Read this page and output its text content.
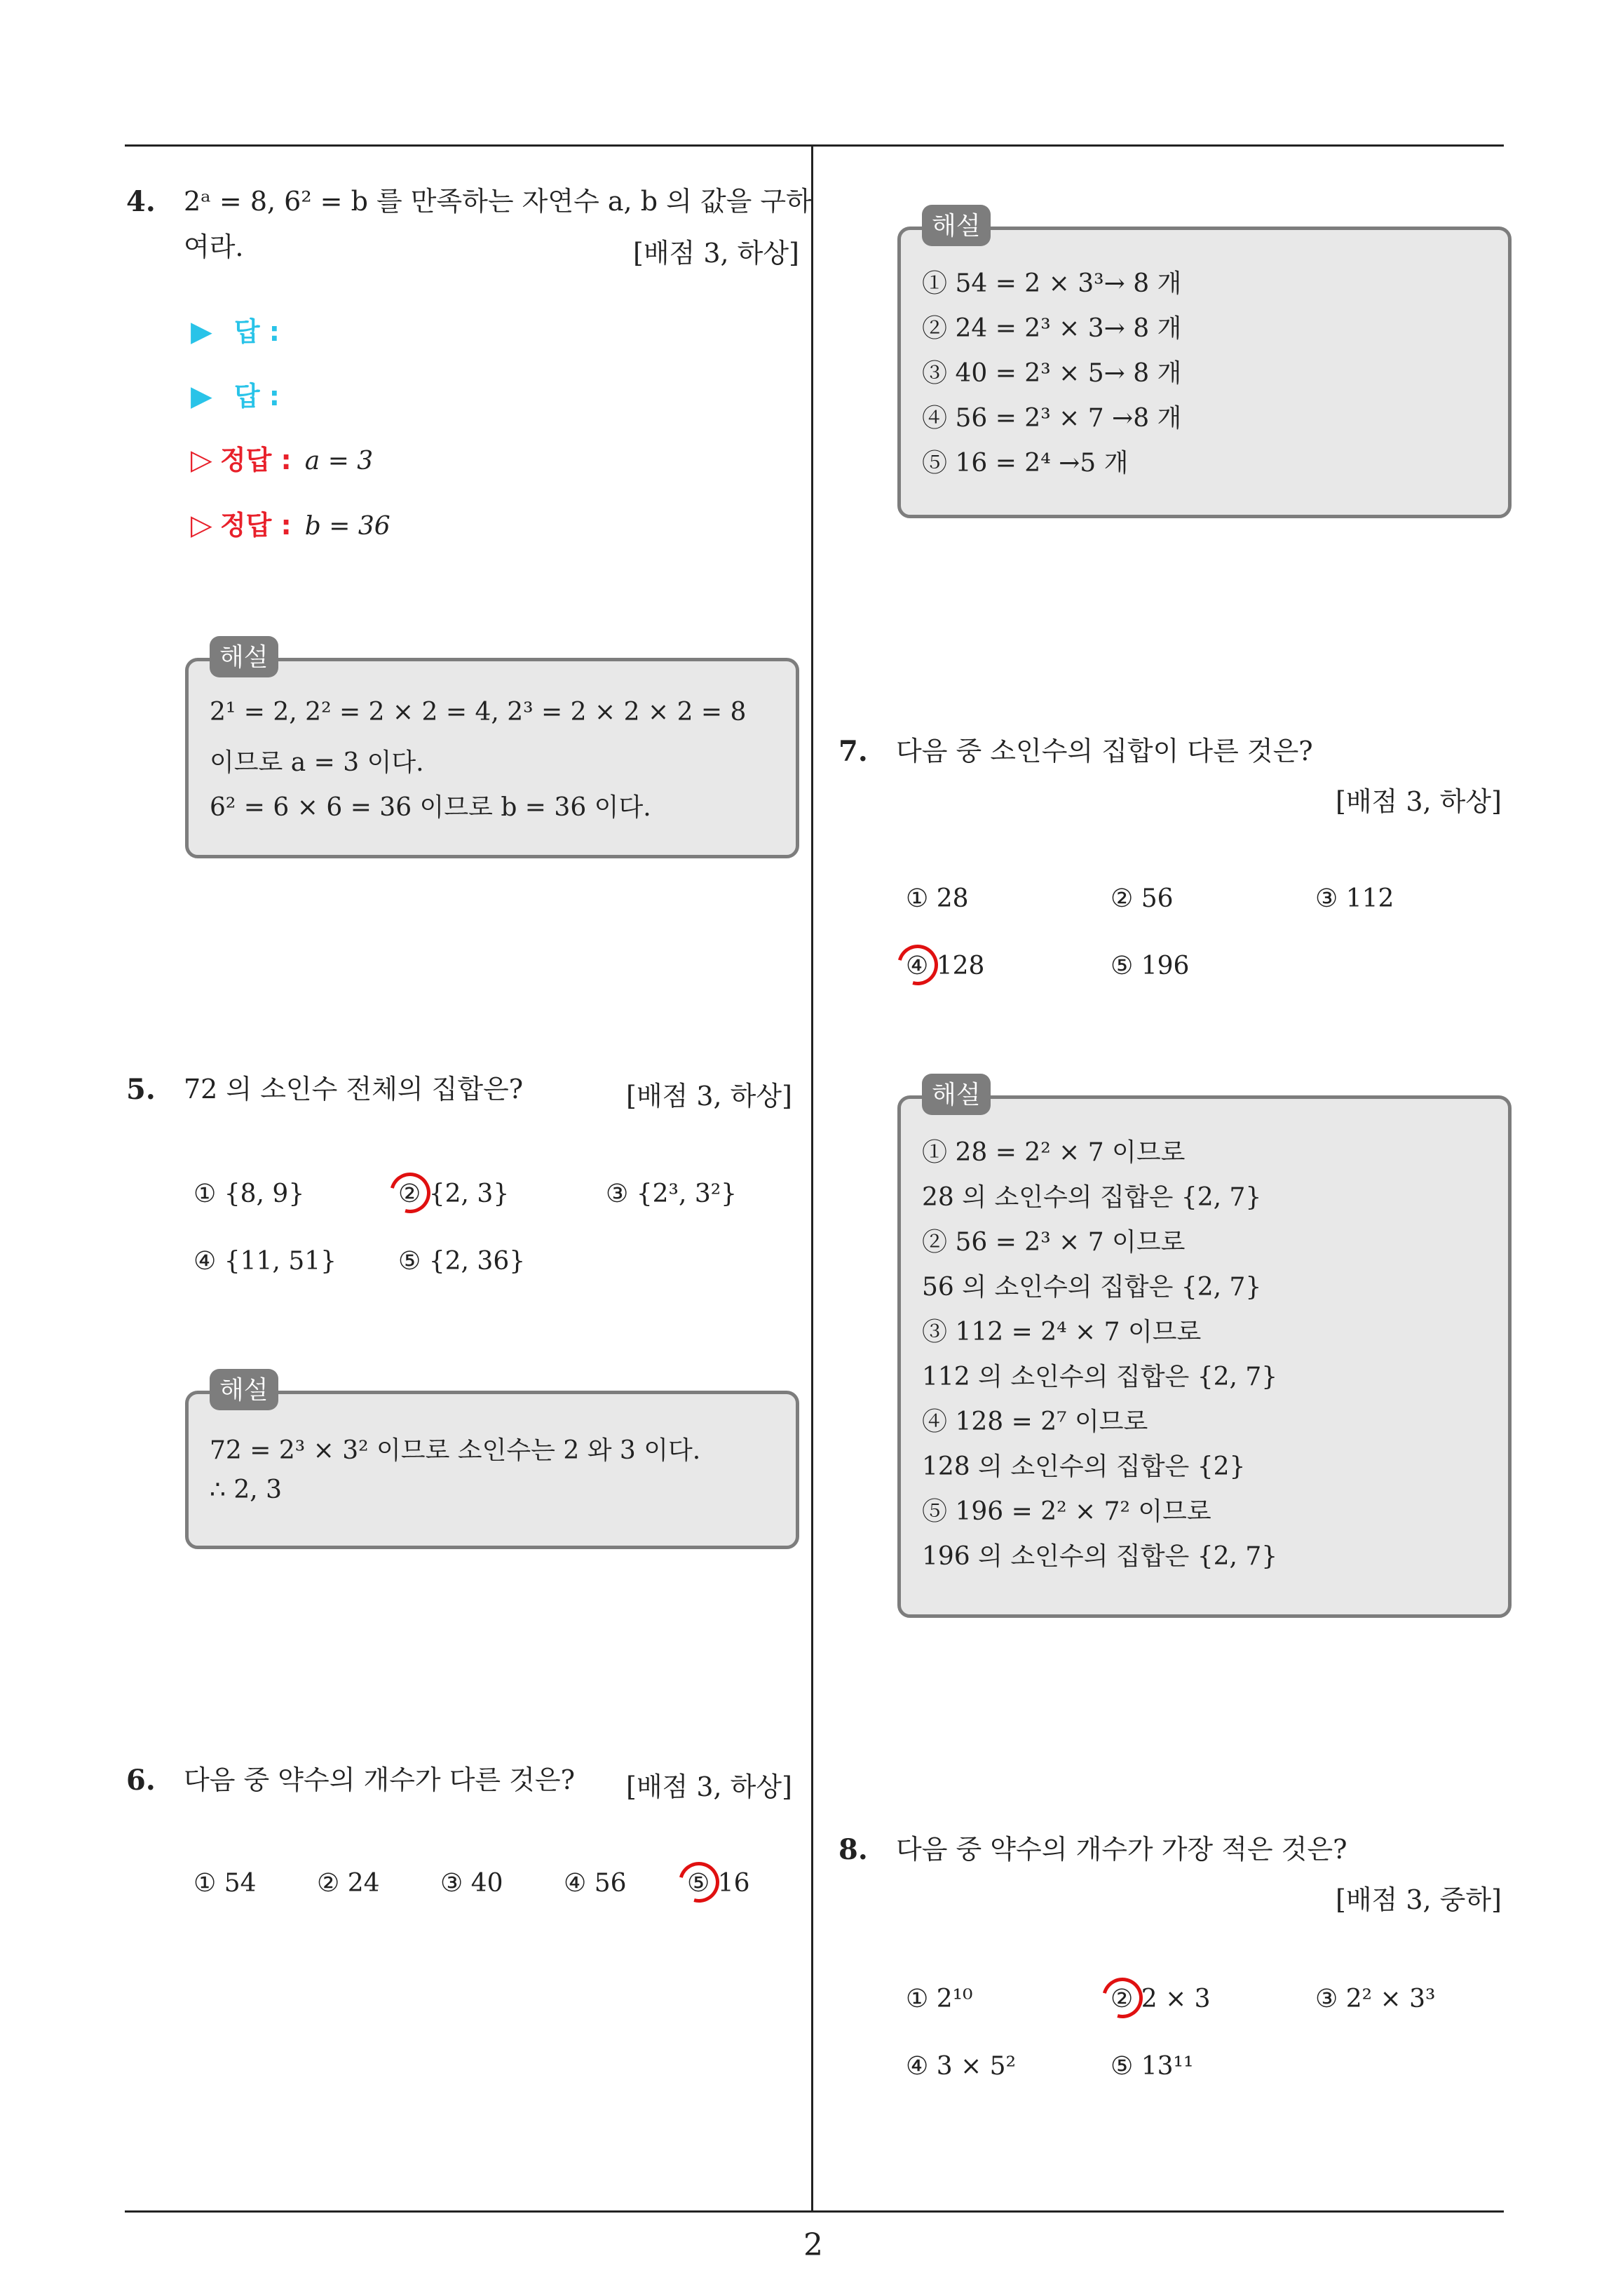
4. 2ᵃ = 8, 6² = b 를 만족하는 자연수 a, b 의 값을 구하
여라.	[배점 3, 하상]
▶ 답 :
▶ 답 :
▷ 정답 : a = 3
▷ 정답 : b = 36
해설
2¹ = 2, 2² = 2 × 2 = 4, 2³ = 2 × 2 × 2 = 8
이므로 a = 3 이다.
6² = 6 × 6 = 36 이므로 b = 36 이다.
5. 72 의 소인수 전체의 집합은?	[배점 3, 하상]
① {8, 9}	② {2, 3}	③ {2³, 3²}
④ {11, 51} ⑤ {2, 36}
해설
72 = 2³ × 3² 이므로 소인수는 2 와 3 이다.
∴ 2, 3
6. 다음 중 약수의 개수가 다른 것은? [배점 3, 하상]
① 54 ② 24 ③ 40 ④ 56 ⑤ 16
해설
① 54 = 2 × 3³→ 8 개
② 24 = 2³ × 3→ 8 개
③ 40 = 2³ × 5→ 8 개
④ 56 = 2³ × 7 →8 개
⑤ 16 = 2⁴ →5 개
7. 다음 중 소인수의 집합이 다른 것은?
[배점 3, 하상]
① 28	② 56	③ 112
④ 128	⑤ 196
해설
① 28 = 2² × 7 이므로
28 의 소인수의 집합은 {2, 7}
② 56 = 2³ × 7 이므로
56 의 소인수의 집합은 {2, 7}
③ 112 = 2⁴ × 7 이므로
112 의 소인수의 집합은 {2, 7}
④ 128 = 2⁷ 이므로
128 의 소인수의 집합은 {2}
⑤ 196 = 2² × 7² 이므로
196 의 소인수의 집합은 {2, 7}
8. 다음 중 약수의 개수가 가장 적은 것은?
[배점 3, 중하]
① 2¹⁰	② 2 × 3	③ 2² × 3³
④ 3 × 5²	⑤ 13¹¹
2
